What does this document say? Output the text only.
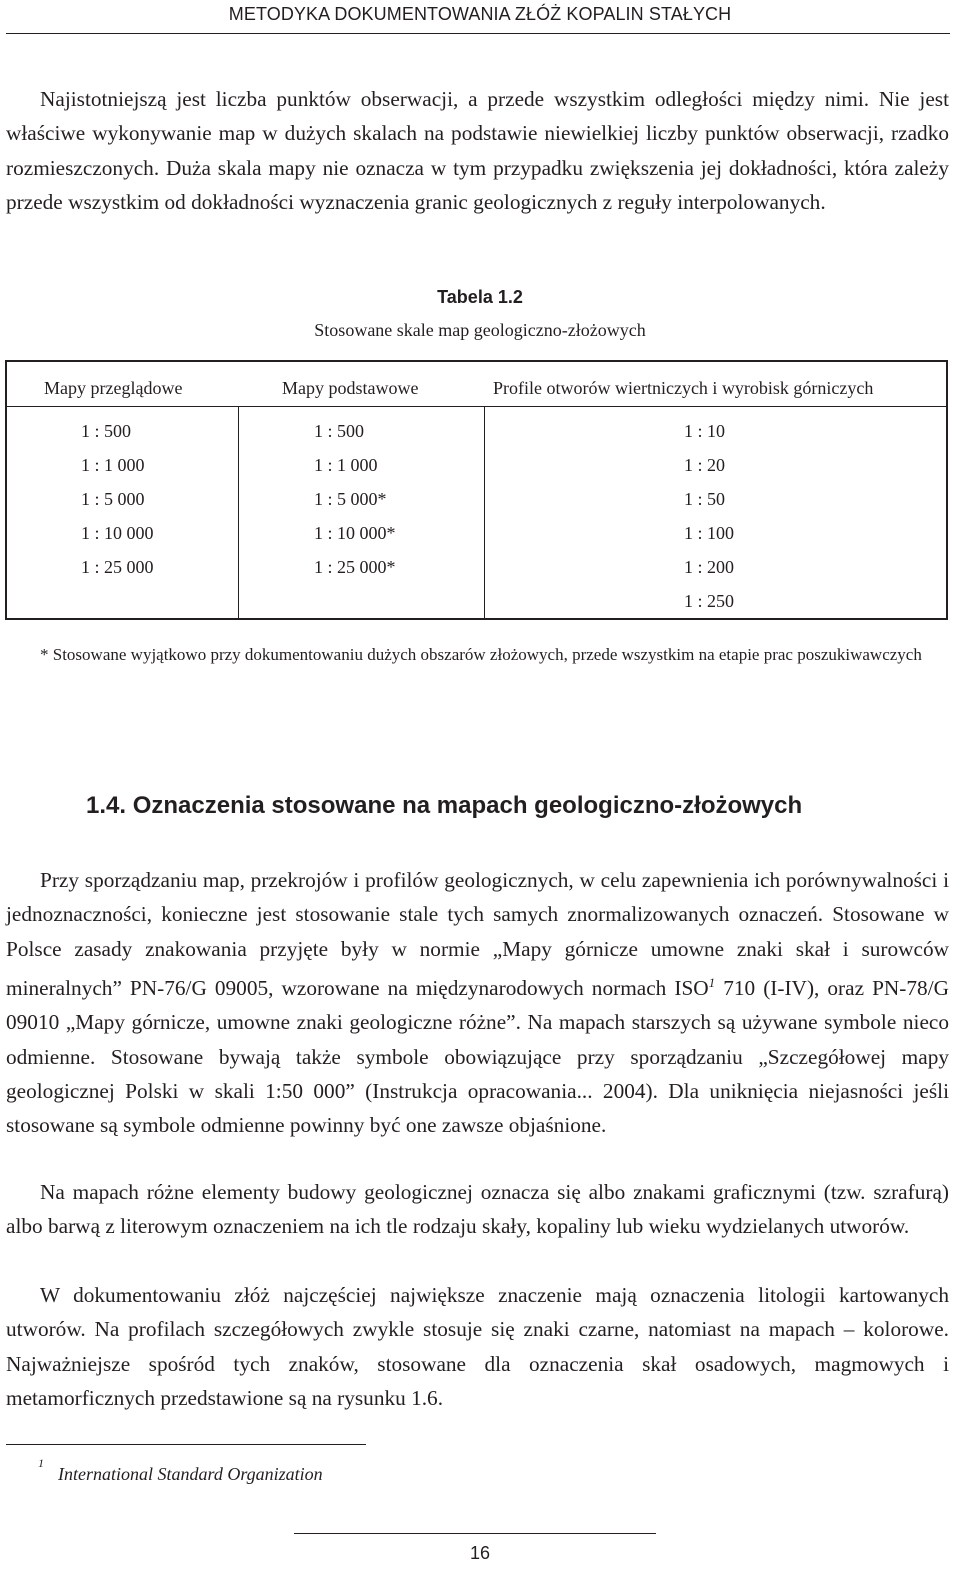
METODYKA DOKUMENTOWANIA ZŁÓŻ KOPALIN STAŁYCH

Najistotniejszą jest liczba punktów obserwacji, a przede wszystkim odległości między nimi. Nie jest właściwe wykonywanie map w dużych skalach na podstawie niewielkiej liczby punktów obserwacji, rzadko rozmieszczonych. Duża skala mapy nie oznacza w tym przypadku zwiększenia jej dokładności, która zależy przede wszystkim od dokładności wyznaczenia granic geologicznych z reguły interpolowanych.

Tabela 1.2
Stosowane skale map geologiczno-złożowych
Mapy przeglądowe	Mapy podstawowe	Profile otworów wiertniczych i wyrobisk górniczych
1 : 500
1 : 1 000
1 : 5 000
1 : 10 000
1 : 25 000
1 : 500
1 : 1 000
1 : 5 000*
1 : 10 000*
1 : 25 000*
1 : 10
1 : 20
1 : 50
1 : 100
1 : 200
1 : 250

* Stosowane wyjątkowo przy dokumentowaniu dużych obszarów złożowych, przede wszystkim na etapie prac poszukiwawczych

1.4. Oznaczenia stosowane na mapach geologiczno-złożowych

Przy sporządzaniu map, przekrojów i profilów geologicznych, w celu zapewnienia ich porównywalności i jednoznaczności, konieczne jest stosowanie stale tych samych znormalizowanych oznaczeń. Stosowane w Polsce zasady znakowania przyjęte były w normie „Mapy górnicze umowne znaki skał i surowców mineralnych” PN-76/G 09005, wzorowane na międzynarodowych normach ISO$^1$ 710 (I-IV), oraz PN-78/G 09010 „Mapy górnicze, umowne znaki geologiczne różne”. Na mapach starszych są używane symbole nieco odmienne. Stosowane bywają także symbole obowiązujące przy sporządzaniu „Szczegółowej mapy geologicznej Polski w skali 1:50 000” (Instrukcja opracowania... 2004). Dla uniknięcia niejasności jeśli stosowane są symbole odmienne powinny być one zawsze objaśnione.

Na mapach różne elementy budowy geologicznej oznacza się albo znakami graficznymi (tzw. szrafurą) albo barwą z literowym oznaczeniem na ich tle rodzaju skały, kopaliny lub wieku wydzielanych utworów.

W dokumentowaniu złóż najczęściej największe znaczenie mają oznaczenia litologii kartowanych utworów. Na profilach szczegółowych zwykle stosuje się znaki czarne, natomiast na mapach – kolorowe. Najważniejsze spośród tych znaków, stosowane dla oznaczenia skał osadowych, magmowych i metamorficznych przedstawione są na rysunku 1.6.

$^1$International Standard Organization
16
